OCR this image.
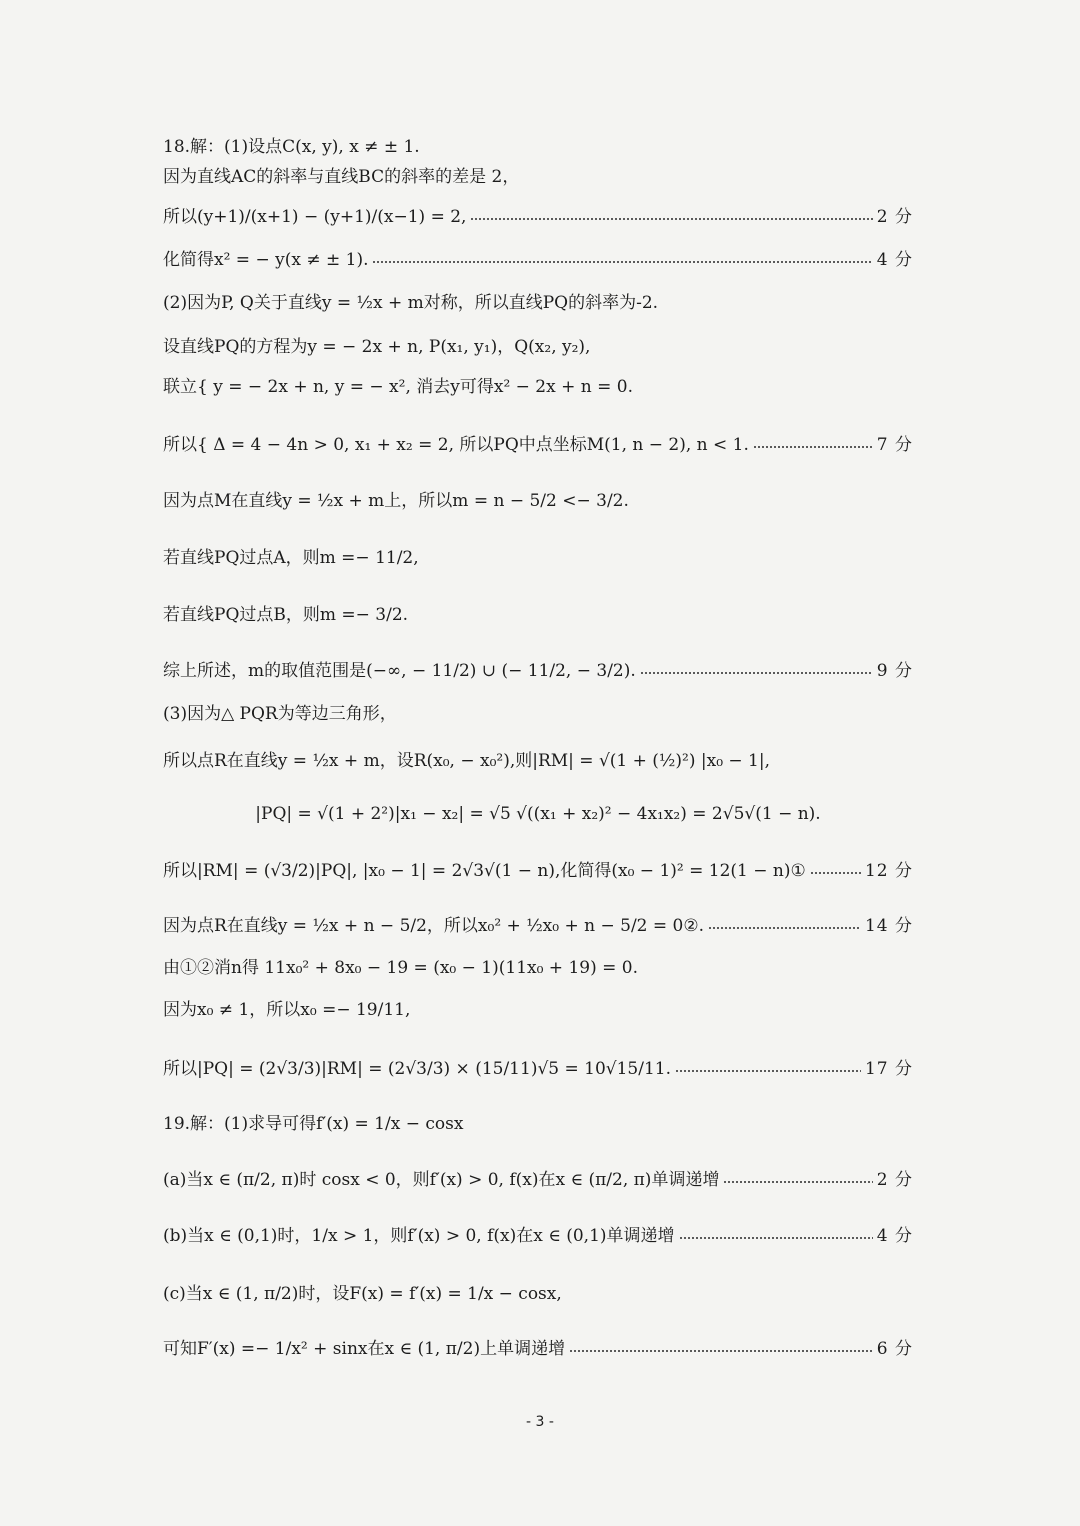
18.解：(1)设点C(x, y), x ≠ ± 1.
因为直线AC的斜率与直线BC的斜率的差是 2，
所以(y+1)/(x+1) − (y+1)/(x−1) = 2,	2 分
化简得x² = − y(x ≠ ± 1).	4 分
(2)因为P, Q关于直线y = ½x + m对称，所以直线PQ的斜率为-2.
设直线PQ的方程为y = − 2x + n, P(x₁, y₁)，Q(x₂, y₂),
联立{ y = − 2x + n, y = − x², 消去y可得x² − 2x + n = 0.
所以{ Δ = 4 − 4n > 0, x₁ + x₂ = 2, 所以PQ中点坐标M(1, n − 2), n < 1.	7 分
因为点M在直线y = ½x + m上，所以m = n − 5/2 <− 3/2.
若直线PQ过点A，则m =− 11/2,
若直线PQ过点B，则m =− 3/2.
综上所述，m的取值范围是(−∞, − 11/2) ∪ (− 11/2, − 3/2).	9 分
(3)因为△ PQR为等边三角形，
所以点R在直线y = ½x + m，设R(x₀, − x₀²),则|RM| = √(1 + (½)²) |x₀ − 1|,
|PQ| = √(1 + 2²)|x₁ − x₂| = √5 √((x₁ + x₂)² − 4x₁x₂) = 2√5√(1 − n).
所以|RM| = (√3/2)|PQ|, |x₀ − 1| = 2√3√(1 − n),化简得(x₀ − 1)² = 12(1 − n)①	12 分
因为点R在直线y = ½x + n − 5/2，所以x₀² + ½x₀ + n − 5/2 = 0②.	14 分
由①②消n得 11x₀² + 8x₀ − 19 = (x₀ − 1)(11x₀ + 19) = 0.
因为x₀ ≠ 1，所以x₀ =− 19/11,
所以|PQ| = (2√3/3)|RM| = (2√3/3) × (15/11)√5 = 10√15/11.	17 分
19.解：(1)求导可得f′(x) = 1/x − cosx
(a)当x ∈ (π/2, π)时 cosx < 0，则f′(x) > 0, f(x)在x ∈ (π/2, π)单调递增	2 分
(b)当x ∈ (0,1)时，1/x > 1，则f′(x) > 0, f(x)在x ∈ (0,1)单调递增	4 分
(c)当x ∈ (1, π/2)时，设F(x) = f′(x) = 1/x − cosx,
可知F′(x) =− 1/x² + sinx在x ∈ (1, π/2)上单调递增	6 分
- 3 -
